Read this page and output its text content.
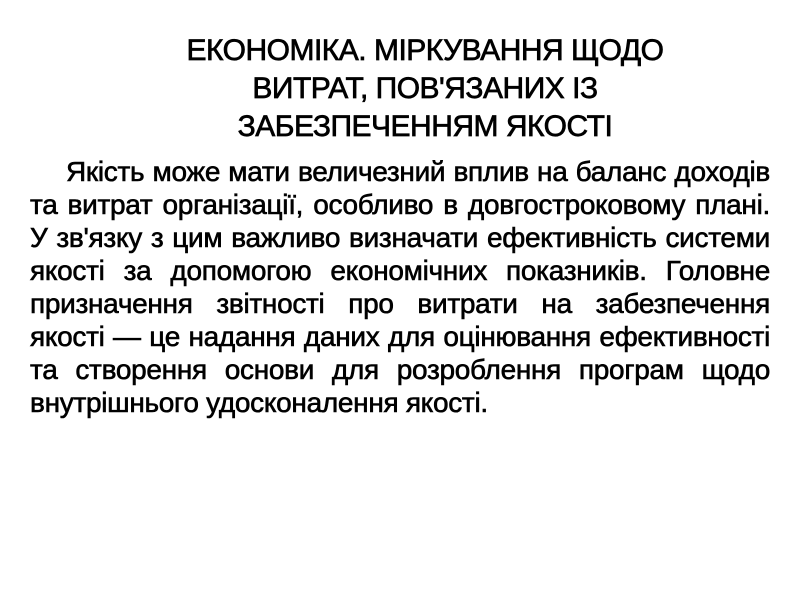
ЕКОНОМІКА. МІРКУВАННЯ ЩОДО
ВИТРАТ, ПОВ'ЯЗАНИХ ІЗ
ЗАБЕЗПЕЧЕННЯМ ЯКОСТІ

Якість може мати величезний вплив на баланс доходів та витрат організації, особливо в довгостроковому плані. У зв'язку з цим важливо визначати ефективність системи якості за допомогою економічних показників. Головне призначення звітності про витрати на забезпечення якості — це надання даних для оцінювання ефективності та створення основи для розроблення програм щодо внутрішнього удосконалення якості.
